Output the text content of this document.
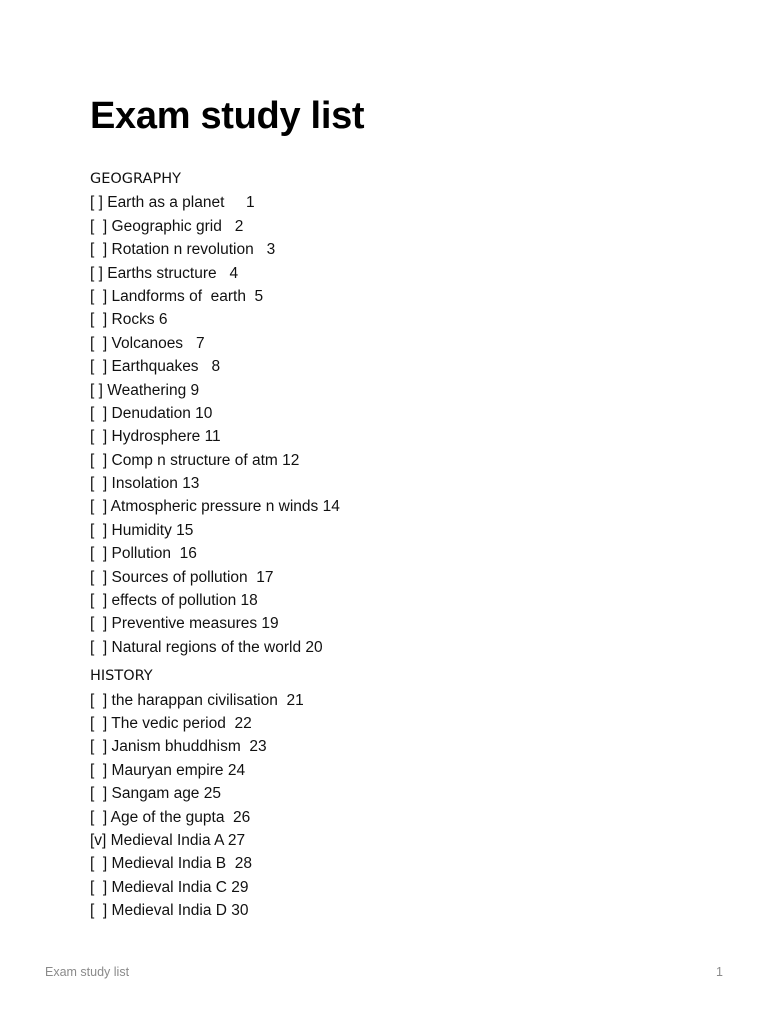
Exam study list
GEOGRAPHY
[ ] Earth as a planet     1
[  ] Geographic grid   2
[  ] Rotation n revolution   3
[ ] Earths structure   4
[  ] Landforms of  earth  5
[  ] Rocks 6
[  ] Volcanoes   7
[  ] Earthquakes   8
[ ] Weathering 9
[  ] Denudation 10
[  ] Hydrosphere 11
[  ] Comp n structure of atm 12
[  ] Insolation 13
[  ] Atmospheric pressure n winds 14
[  ] Humidity 15
[  ] Pollution  16
[  ] Sources of pollution  17
[  ] effects of pollution 18
[  ] Preventive measures 19
[  ] Natural regions of the world 20
HISTORY
[  ] the harappan civilisation  21
[  ] The vedic period  22
[  ] Janism bhuddhism  23
[  ] Mauryan empire 24
[  ] Sangam age 25
[  ] Age of the gupta  26
[v] Medieval India A 27
[  ] Medieval India B  28
[  ] Medieval India C 29
[  ] Medieval India D 30
Exam study list	1
